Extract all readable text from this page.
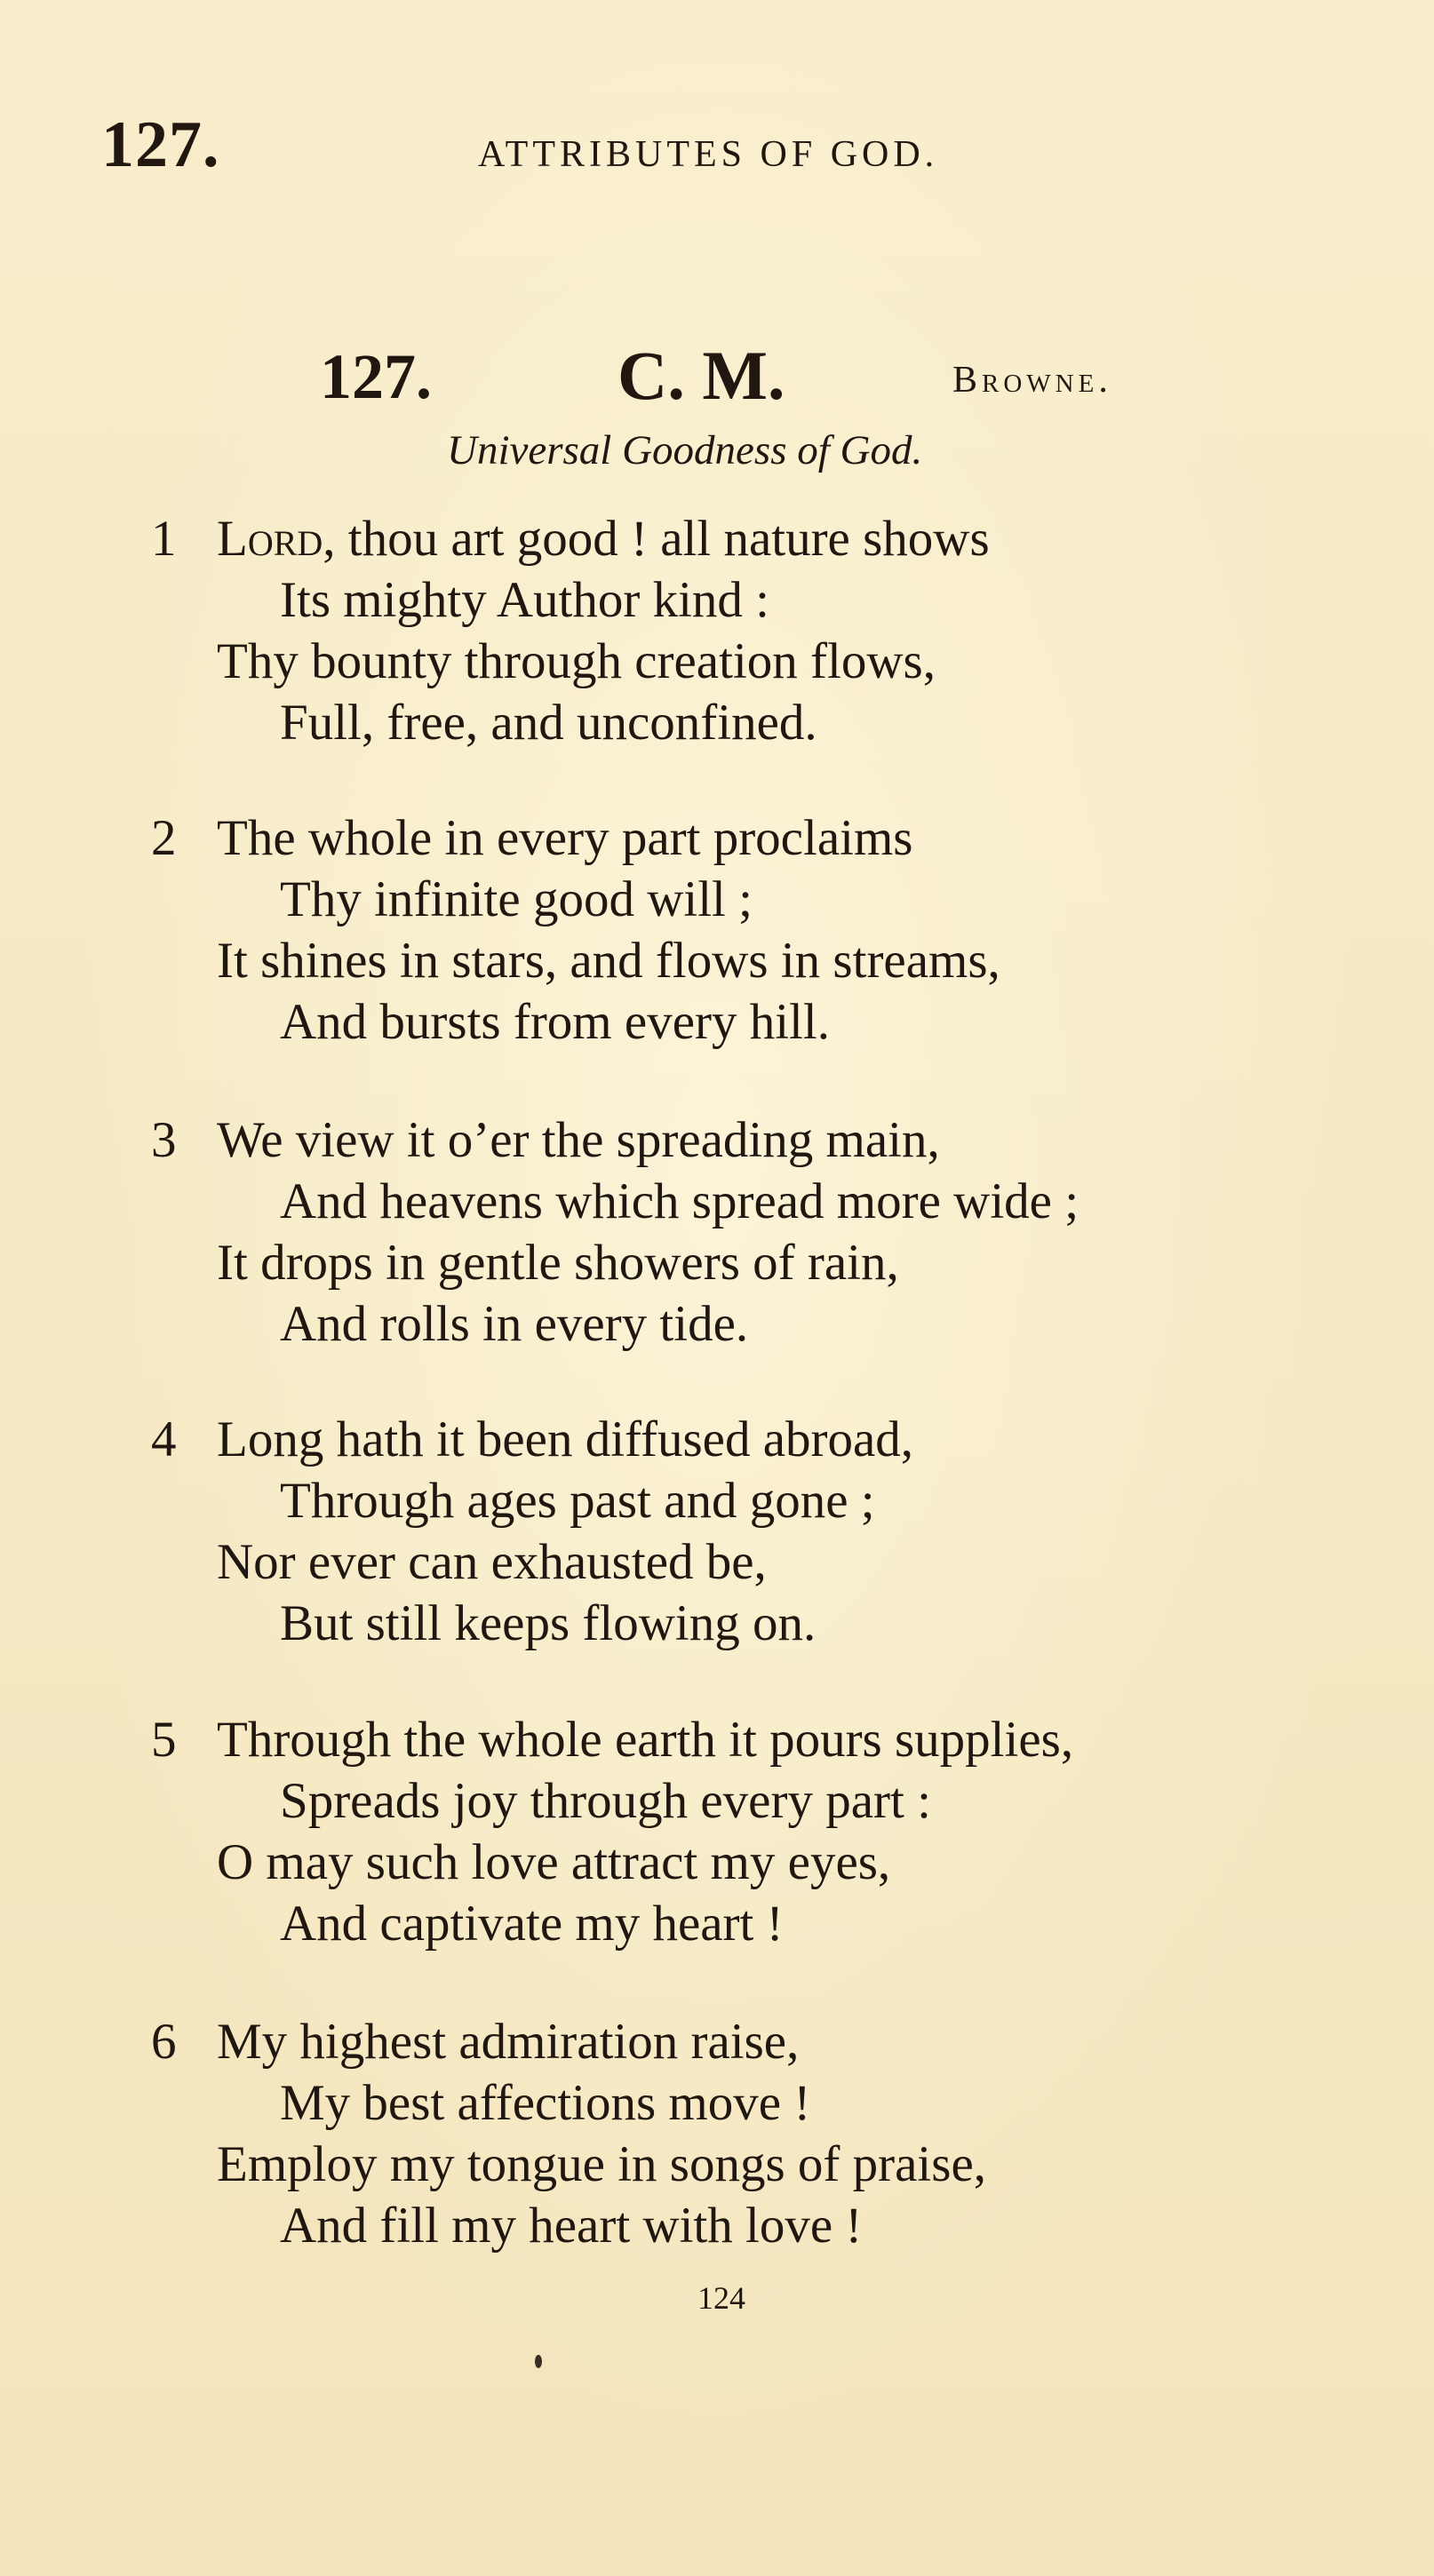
127.	ATTRIBUTES OF GOD.
127.	C. M.	Browne.
Universal Goodness of God.
1 Lord, thou art good ! all nature shows
Its mighty Author kind :
Thy bounty through creation flows,
Full, free, and unconfined.
2 The whole in every part proclaims
Thy infinite good will ;
It shines in stars, and flows in streams,
And bursts from every hill.
3 We view it o’er the spreading main,
And heavens which spread more wide ;
It drops in gentle showers of rain,
And rolls in every tide.
4 Long hath it been diffused abroad,
Through ages past and gone ;
Nor ever can exhausted be,
But still keeps flowing on.
5 Through the whole earth it pours supplies,
Spreads joy through every part :
O may such love attract my eyes,
And captivate my heart !
6 My highest admiration raise,
My best affections move !
Employ my tongue in songs of praise,
And fill my heart with love !
124
